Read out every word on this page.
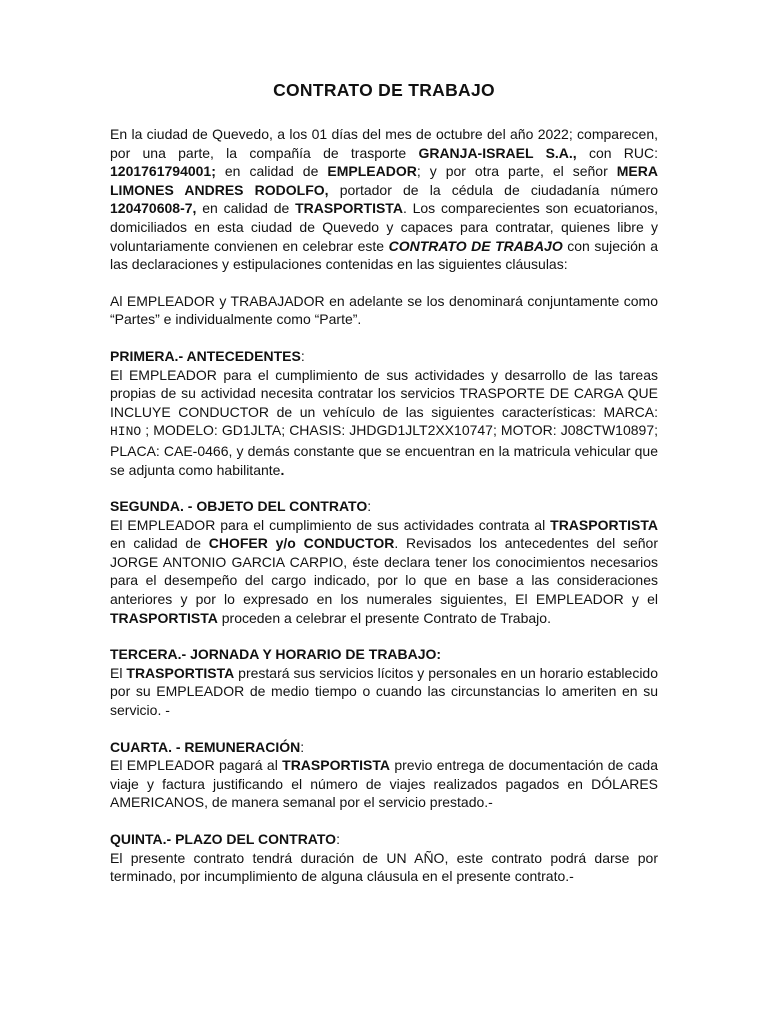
CONTRATO DE TRABAJO

En la ciudad de Quevedo, a los 01 días del mes de octubre del año 2022; comparecen, por una parte, la compañía de trasporte GRANJA-ISRAEL S.A., con RUC: 1201761794001; en calidad de EMPLEADOR; y por otra parte, el señor MERA LIMONES ANDRES RODOLFO, portador de la cédula de ciudadanía número 120470608-7, en calidad de TRASPORTISTA. Los comparecientes son ecuatorianos, domiciliados en esta ciudad de Quevedo y capaces para contratar, quienes libre y voluntariamente convienen en celebrar este CONTRATO DE TRABAJO con sujeción a las declaraciones y estipulaciones contenidas en las siguientes cláusulas:

Al EMPLEADOR y TRABAJADOR en adelante se los denominará conjuntamente como “Partes” e individualmente como “Parte”.

PRIMERA.- ANTECEDENTES:

El EMPLEADOR para el cumplimiento de sus actividades y desarrollo de las tareas propias de su actividad necesita contratar los servicios TRASPORTE DE CARGA QUE INCLUYE CONDUCTOR de un vehículo de las siguientes características: MARCA: HINO ; MODELO: GD1JLTA; CHASIS: JHDGD1JLT2XX10747; MOTOR: J08CTW10897; PLACA: CAE-0466, y demás constante que se encuentran en la matricula vehicular que se adjunta como habilitante.

SEGUNDA. - OBJETO DEL CONTRATO:

El EMPLEADOR para el cumplimiento de sus actividades contrata al TRASPORTISTA en calidad de CHOFER y/o CONDUCTOR. Revisados los antecedentes del señor JORGE ANTONIO GARCIA CARPIO, éste declara tener los conocimientos necesarios para el desempeño del cargo indicado, por lo que en base a las consideraciones anteriores y por lo expresado en los numerales siguientes, El EMPLEADOR y el TRASPORTISTA proceden a celebrar el presente Contrato de Trabajo.

TERCERA.- JORNADA Y HORARIO DE TRABAJO:

El TRASPORTISTA prestará sus servicios lícitos y personales en un horario establecido por su EMPLEADOR de medio tiempo o cuando las circunstancias lo ameriten en su servicio. -

CUARTA. - REMUNERACIÓN:

El EMPLEADOR pagará al TRASPORTISTA previo entrega de documentación de cada viaje y factura justificando el número de viajes realizados pagados en DÓLARES AMERICANOS, de manera semanal por el servicio prestado.-

QUINTA.- PLAZO DEL CONTRATO:

El presente contrato tendrá duración de UN AÑO, este contrato podrá darse por terminado, por incumplimiento de alguna cláusula en el presente contrato.-
